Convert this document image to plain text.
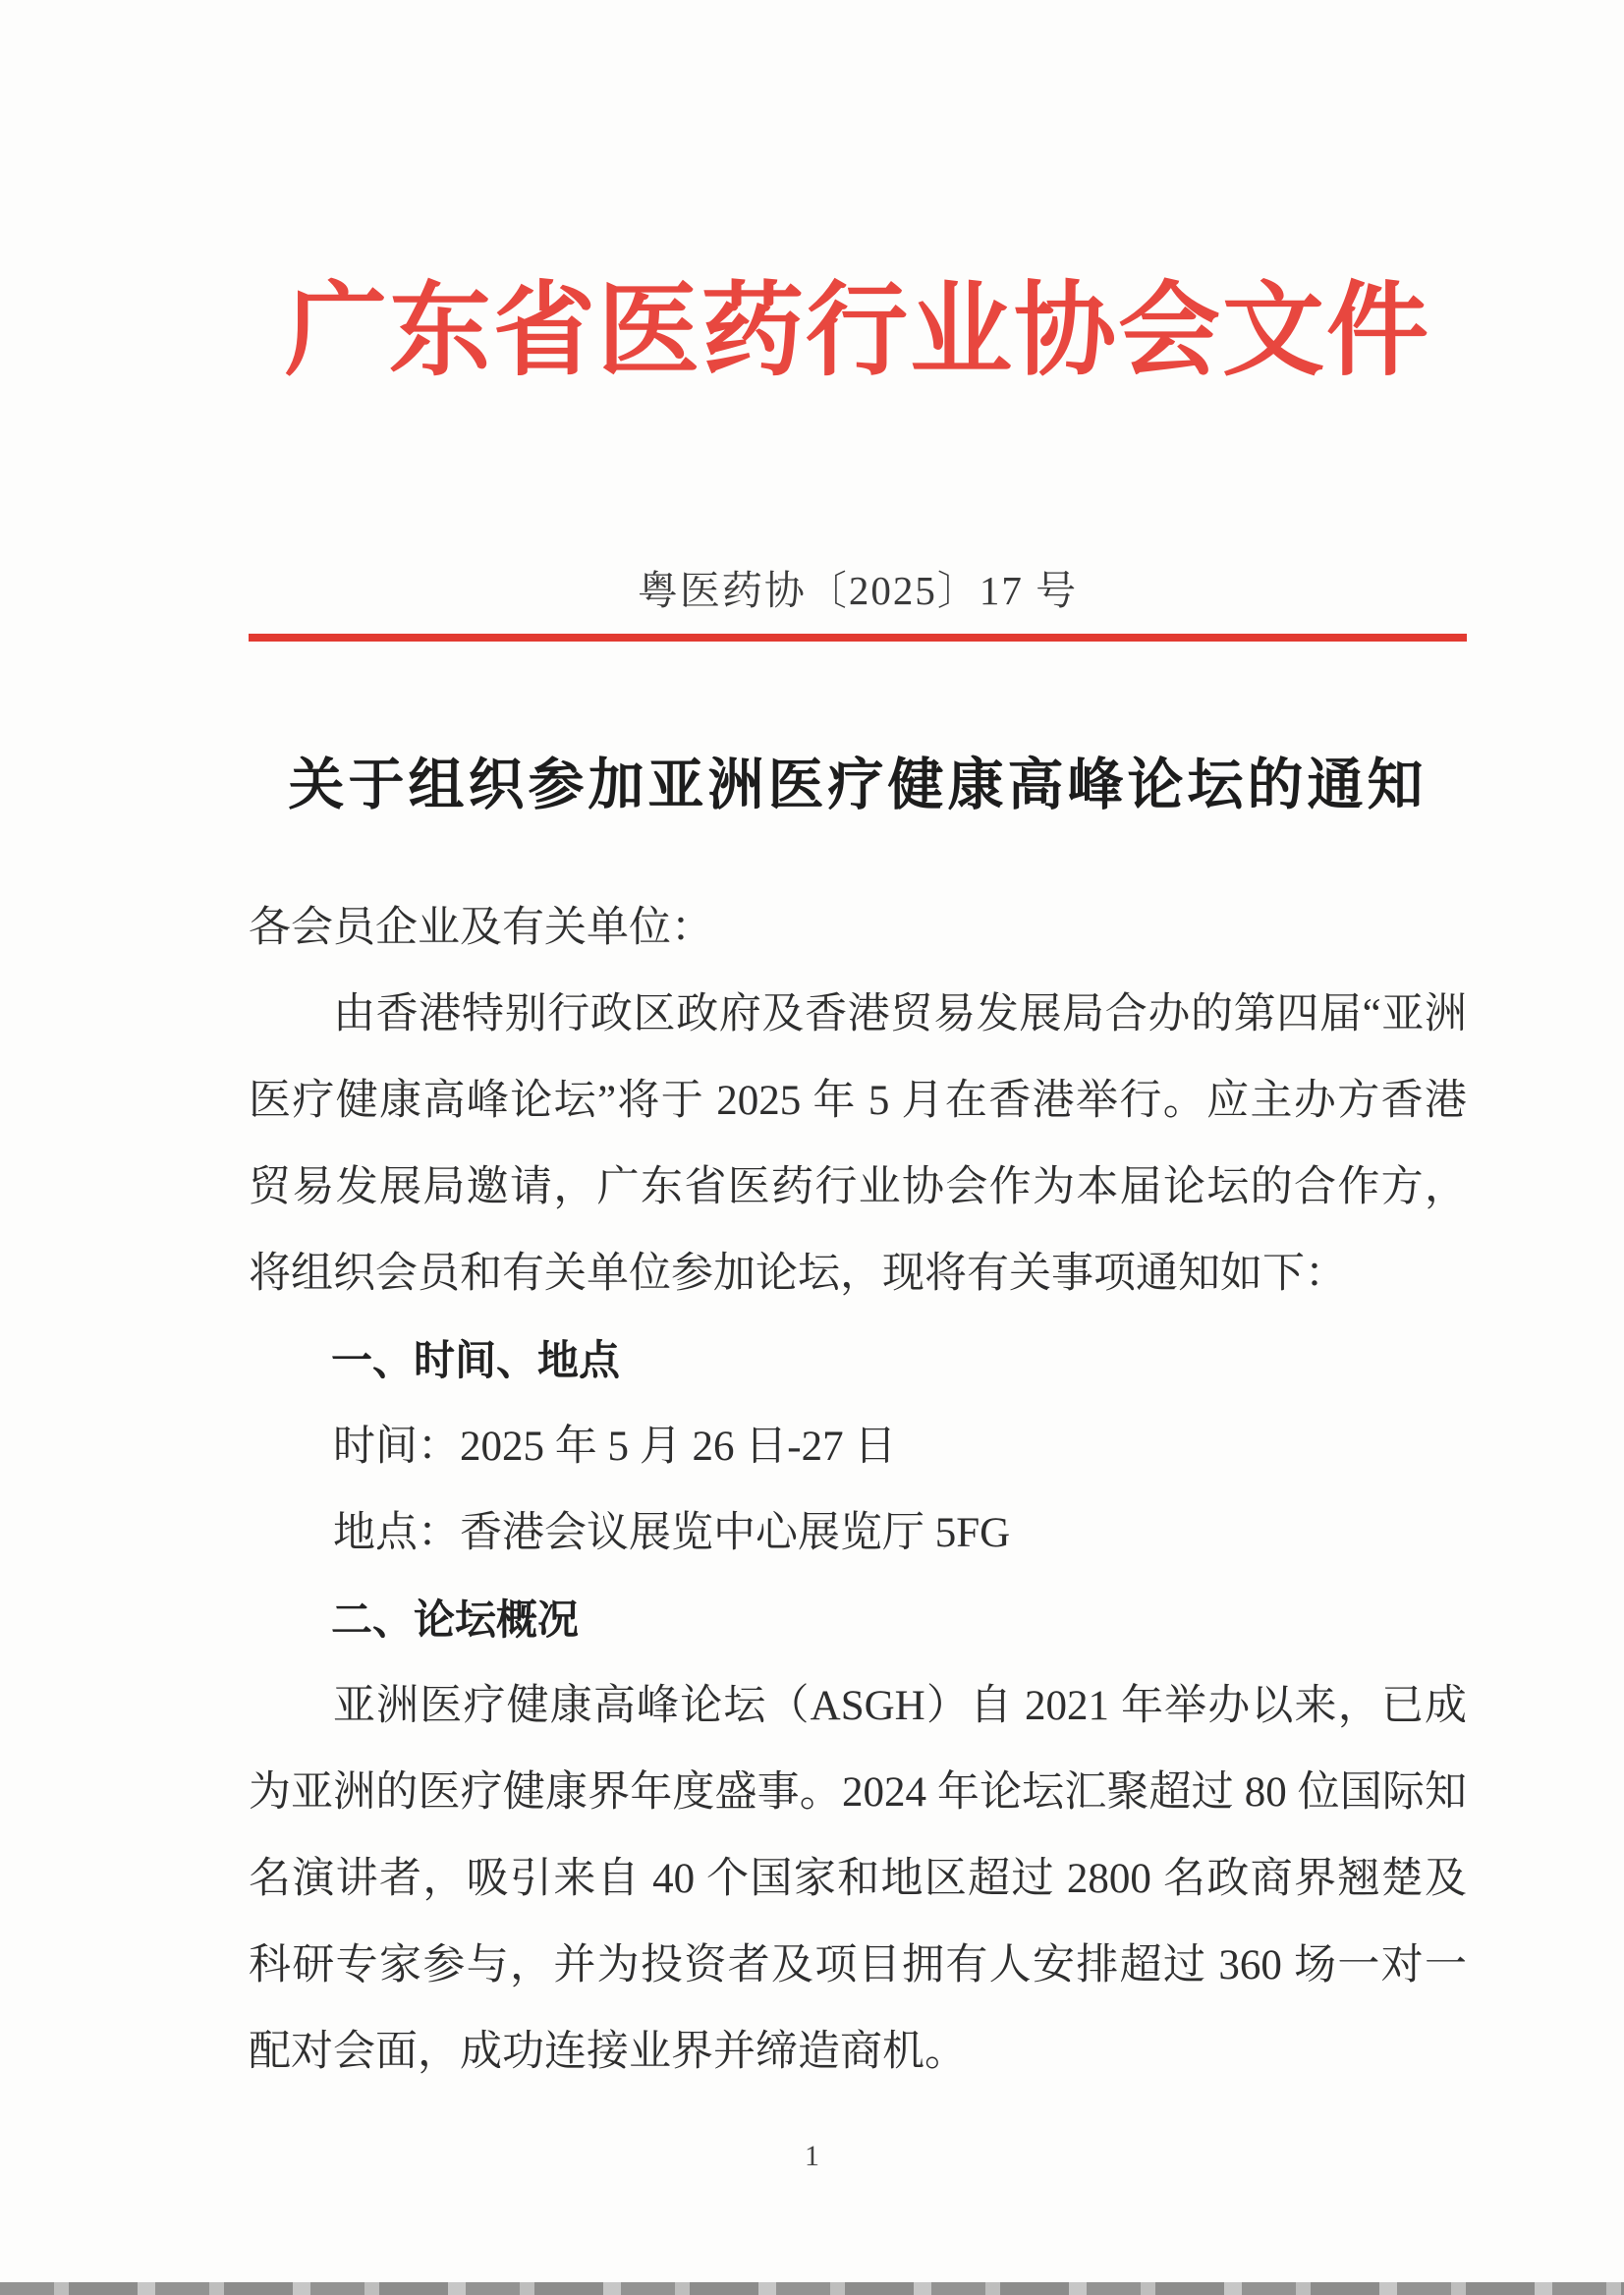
广东省医药行业协会文件
粤医药协〔2025〕17 号
关于组织参加亚洲医疗健康高峰论坛的通知
各会员企业及有关单位：
由香港特别行政区政府及香港贸易发展局合办的第四届“亚洲医疗健康高峰论坛”将于 2025 年 5 月在香港举行。应主办方香港贸易发展局邀请，广东省医药行业协会作为本届论坛的合作方，将组织会员和有关单位参加论坛，现将有关事项通知如下：
一、时间、地点
时间：2025 年 5 月 26 日-27 日
地点：香港会议展览中心展览厅 5FG
二、论坛概况
亚洲医疗健康高峰论坛（ASGH）自 2021 年举办以来，已成为亚洲的医疗健康界年度盛事。2024 年论坛汇聚超过 80 位国际知名演讲者，吸引来自 40 个国家和地区超过 2800 名政商界翘楚及科研专家参与，并为投资者及项目拥有人安排超过 360 场一对一配对会面，成功连接业界并缔造商机。
1
